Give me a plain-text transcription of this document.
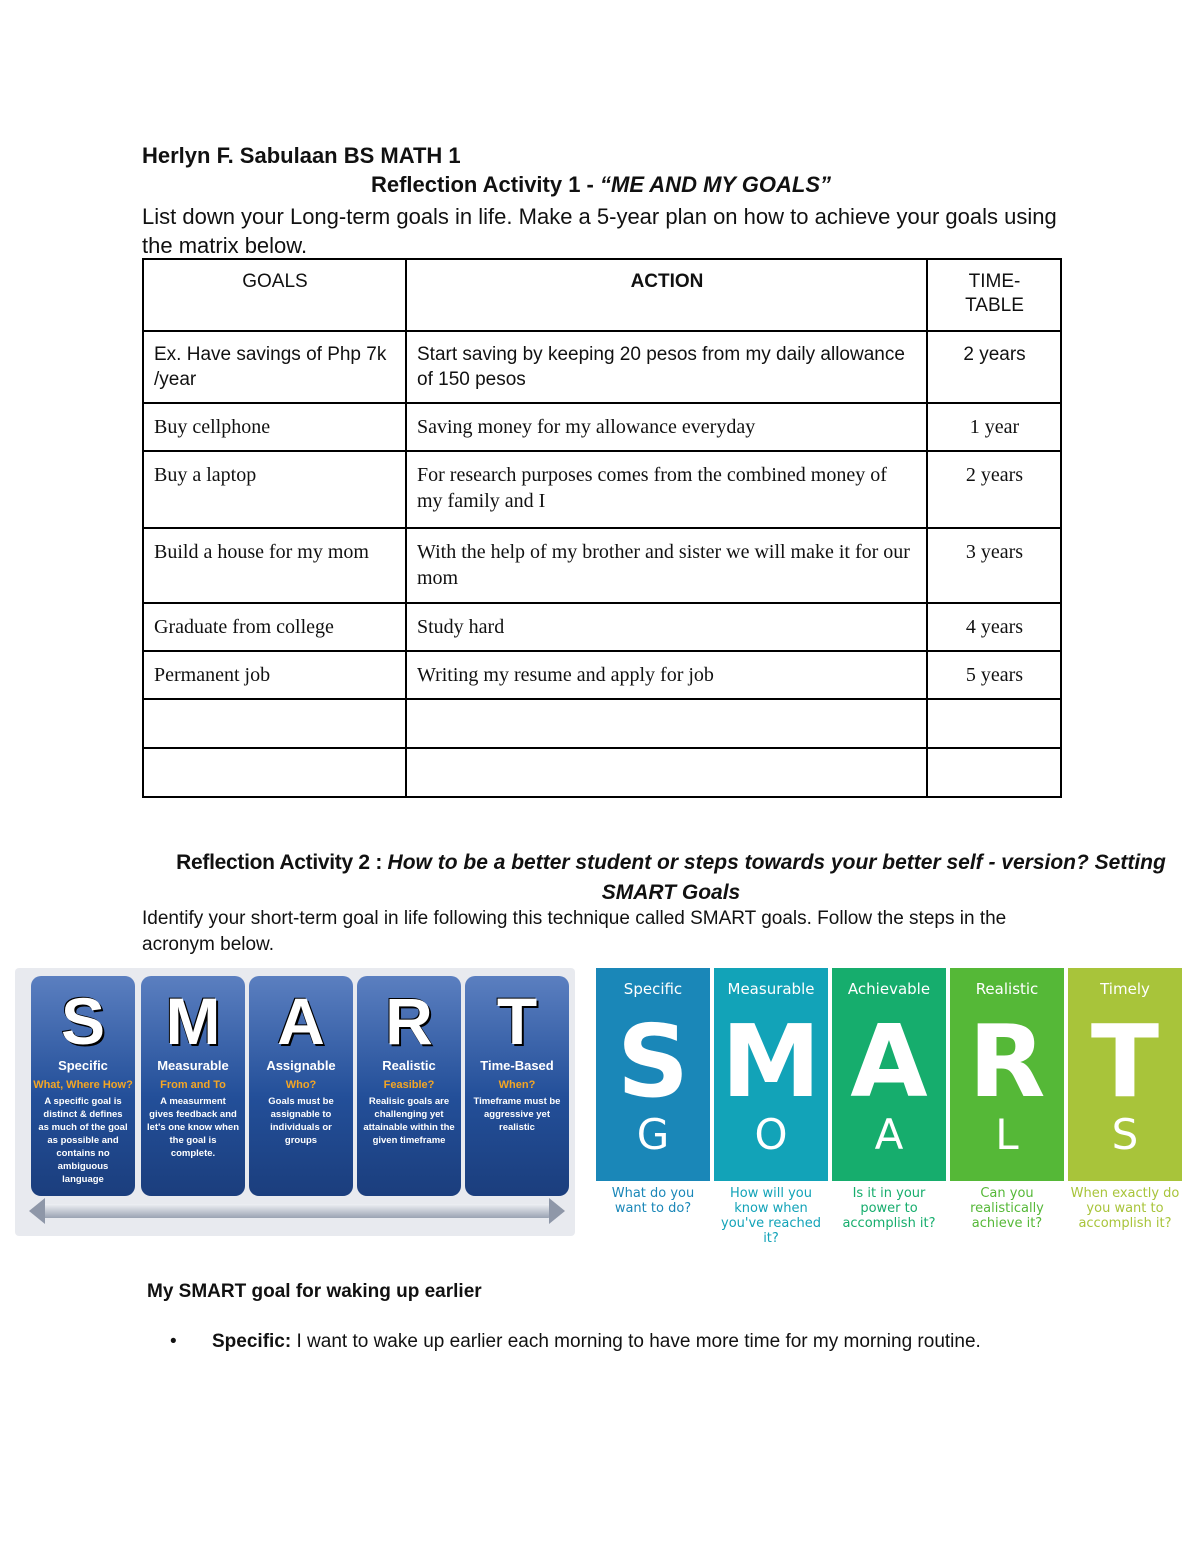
Herlyn F. Sabulaan BS MATH 1
Reflection Activity 1 - “ME AND MY GOALS”
List down your Long-term goals in life. Make a 5-year plan on how to achieve your goals using the matrix below.
GOALS	ACTION	TIME-
TABLE
Ex. Have savings of Php 7k /year	Start saving by keeping 20 pesos from my daily allowance of 150 pesos	2 years
Buy cellphone	Saving money for my allowance everyday	1 year
Buy a laptop	For research purposes comes from the combined money of my family and I	2 years
Build a house for my mom	With the help of my brother and sister we will make it for our mom	3 years
Graduate from college	Study hard	4 years
Permanent job	Writing my resume and apply for job	5 years

Reflection Activity 2 : How to be a better student or steps towards your better self - version? Setting SMART Goals
Identify your short-term goal in life following this technique called SMART goals. Follow the steps in the acronym below.
S
Specific
What, Where How?
A specific goal is distinct & defines as much of the goal as possible and contains no ambiguous language
M
Measurable
From and To
A measurment gives feedback and let's one know when the goal is complete.
A
Assignable
Who?
Goals must be assignable to individuals or groups
R
Realistic
Feasible?
Realisic goals are challenging yet attainable within the given timeframe
T
Time-Based
When?
Timeframe must be aggressive yet realistic
Specific
S
G
Measurable
M
O
Achievable
A
A
Realistic
R
L
Timely
T
S
What do you want to do?
How will you know when you've reached it?
Is it in your power to accomplish it?
Can you realistically achieve it?
When exactly do you want to accomplish it?
My SMART goal for waking up earlier
• Specific: I want to wake up earlier each morning to have more time for my morning routine.
